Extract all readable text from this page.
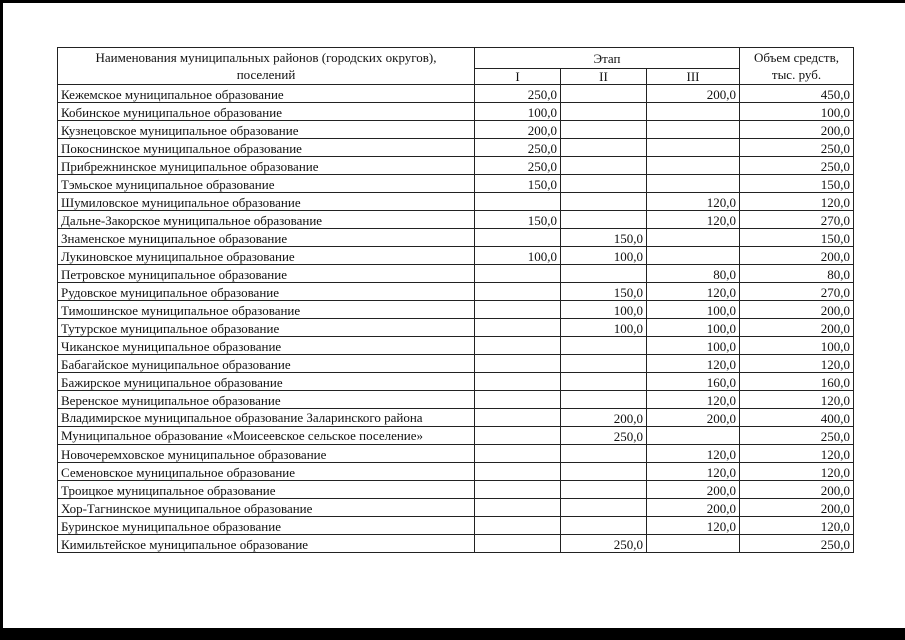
Наименования муниципальных районов (городских округов), поселений	Этап			Объем средств, тыс. руб.
	I	II	III	
Кежемское муниципальное образование	250,0		200,0	450,0
Кобинское муниципальное образование	100,0			100,0
Кузнецовское муниципальное образование	200,0			200,0
Покоснинское муниципальное образование	250,0			250,0
Прибрежнинское муниципальное образование	250,0			250,0
Тэмьское муниципальное образование	150,0			150,0
Шумиловское муниципальное образование			120,0	120,0
Дальне-Закорское муниципальное образование	150,0		120,0	270,0
Знаменское муниципальное образование		150,0		150,0
Лукиновское муниципальное образование	100,0	100,0		200,0
Петровское муниципальное образование			80,0	80,0
Рудовское муниципальное образование		150,0	120,0	270,0
Тимошинское муниципальное образование		100,0	100,0	200,0
Тутурское муниципальное образование		100,0	100,0	200,0
Чиканское муниципальное образование			100,0	100,0
Бабагайское муниципальное образование			120,0	120,0
Бажирское муниципальное образование			160,0	160,0
Веренское муниципальное образование			120,0	120,0
Владимирское муниципальное образование Заларинского района		200,0	200,0	400,0
Муниципальное образование «Моисеевское сельское поселение»		250,0		250,0
Новочеремховское муниципальное образование			120,0	120,0
Семеновское муниципальное образование			120,0	120,0
Троицкое муниципальное образование			200,0	200,0
Хор-Тагнинское муниципальное образование			200,0	200,0
Буринское муниципальное образование			120,0	120,0
Кимильтейское муниципальное образование		250,0		250,0
